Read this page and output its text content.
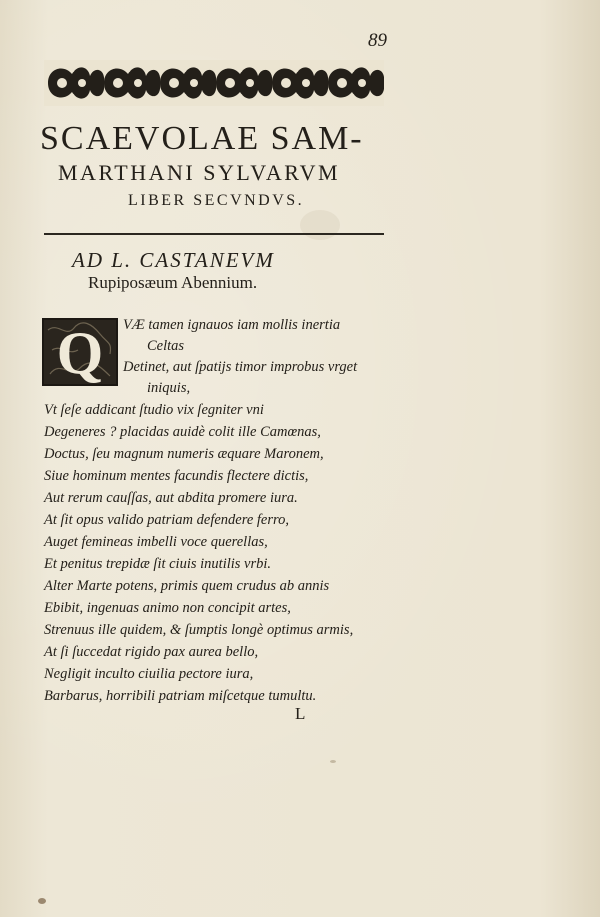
89
SCAEVOLAE SAM-
MARTHANI SYLVARVM
LIBER SECVNDVS.
AD L. CASTANEVM
Rupiposæum Abennium.
Q	VÆ tamen ignauos iam mollis inertia
Celtas
Detinet, aut ſpatijs timor improbus vrget
iniquis,
Vt ſeſe addicant ſtudio vix ſegniter vni
Degeneres ? placidas auidè colit ille Camœnas,
Doctus, ſeu magnum numeris æquare Maronem,
Siue hominum mentes facundis flectere dictis,
Aut rerum cauſſas, aut abdita promere iura.
At ſit opus valido patriam defendere ferro,
Auget femineas imbelli voce querellas,
Et penitus trepidæ ſit ciuis inutilis vrbi.
Alter Marte potens, primis quem crudus ab annis
Ebibit, ingenuas animo non concipit artes,
Strenuus ille quidem, & ſumptis longè optimus armis,
At ſi ſuccedat rigido pax aurea bello,
Negligit inculto ciuilia pectore iura,
Barbarus, horribili patriam miſcetque tumultu.
L
